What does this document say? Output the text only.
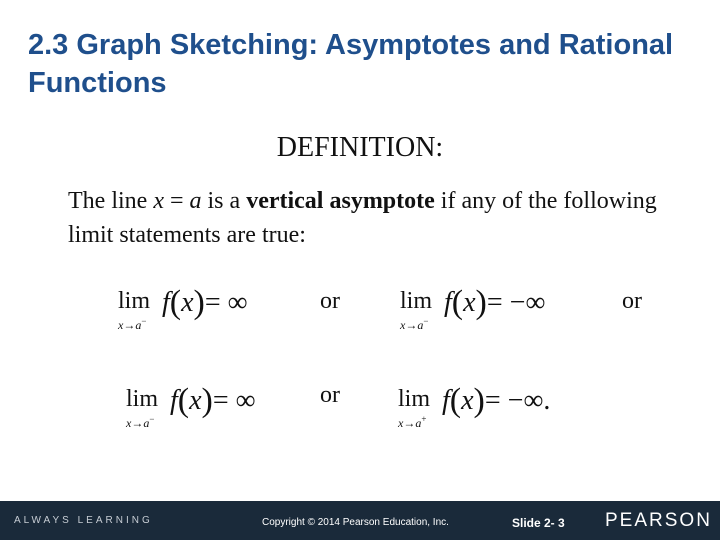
2.3 Graph Sketching: Asymptotes and Rational Functions
DEFINITION:
The line x = a is a vertical asymptote if any of the following limit statements are true:
lim
x→a−
f(x)= ∞	or	lim
x→a−
f(x)= −∞	or
lim
x→a−
f(x)= ∞	or lim
x→a+
f(x)= −∞.
ALWAYS LEARNING	Copyright © 2014 Pearson Education, Inc.	Slide 2- 3 PEARSON
